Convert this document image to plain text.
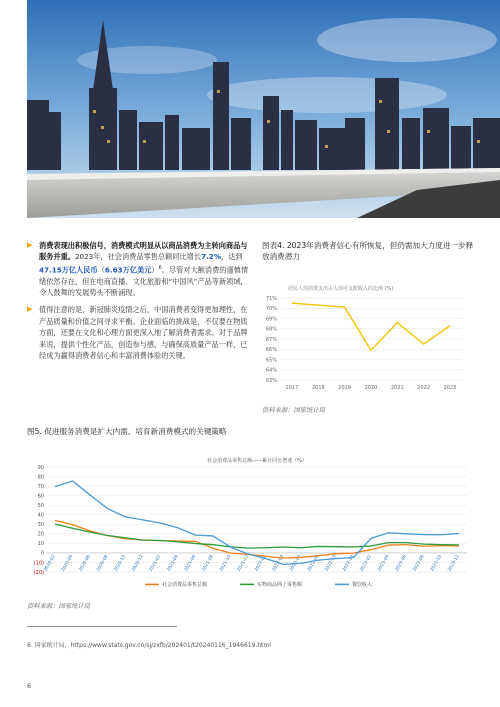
▶ 消费表现出积极信号，消费模式明显从以商品消费为主转向商品与服务并重。2023年，社会消费品零售总额同比增长7.2%，达到47.15万亿人民币（6.63万亿美元）$^6$。尽管对大额消费的谨慎情绪依然存在，但在电商直播、文化旅游和“中国风”产品等新领域，令人鼓舞的发展势头不断涌现。
▶ 值得注意的是，新冠肺炎疫情之后，中国消费者变得更加理性，在产品质量和价值之间寻求平衡。企业面临的挑战是，不仅要在物质方面，还要在文化和心理方面更深入地了解消费者需求。对于品牌来说，提供个性化产品，创造参与感，与确保高质量产品一样，已经成为赢得消费者信心和丰富消费体验的关键。
图表4. 2023年消费者信心有所恢复，但仍需加大力度进一步释放消费潜力
居民人均消费支出占人均可支配收入的比例 (%)
63%
64%
65%
66%
67%
68%
69%
70%
71%
2017	2018	2019	2020	2021	2022	2023
资料来源：国家统计局
图5. 促进服务消费是扩大内需、培育新消费模式的关键策略
社会消费品零售总额——累计同比增速（%）
(20)
(10)
0
10
20
30
40
50
60
70
80
90
2020-02 2020-04 2020-06 2020-08 2020-10 2020-12 2021-02 2021-04 2021-06 2021-08 2021-10 2021-12 2022-02 2022-04 2022-06 2022-08 2022-10 2022-12 2023-02 2023-04 2023-06 2023-08 2023-10 2023-12
社会消费品零售总额	实物商品网上零售额	餐饮收入
资料来源：国家统计局
6. 国家统计局，https://www.stats.gov.cn/sj/zxfb/202401/t20240116_1946619.html
6
